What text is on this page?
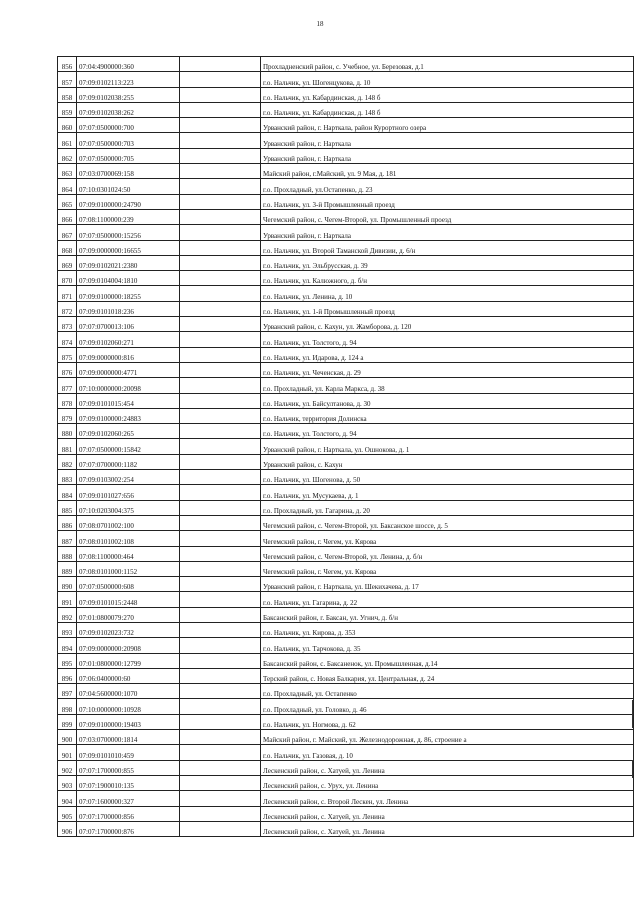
18
856	07:04:4900000:360		Прохладненский район, с. Учебное, ул. Березовая, д.1
857	07:09:0102113:223		г.о. Нальчик, ул. Шогенцукова, д. 10
858	07:09:0102038:255		г.о. Нальчик, ул. Кабардинская, д. 148 б
859	07:09:0102038:262		г.о. Нальчик, ул. Кабардинская, д. 148 б
860	07:07:0500000:700		Урванский район, г. Нарткала, район Курортного озера
861	07:07:0500000:703		Урванский район, г. Нарткала
862	07:07:0500000:705		Урванский район, г. Нарткала
863	07:03:0700069:158		Майский район, г.Майский, ул. 9 Мая, д. 181
864	07:10:0301024:50		г.о. Прохладный, ул.Остапенко, д. 23
865	07:09:0100000:24790		г.о. Нальчик, ул. 3-й Промышленный проезд
866	07:08:1100000:239		Чегемский район, с. Чегем-Второй, ул. Промышленный проезд
867	07:07:0500000:15256		Урванский район, г. Нарткала
868	07:09:0000000:16655		г.о. Нальчик, ул. Второй Таманской Дивизии, д. 6/н
869	07:09:0102021:2380		г.о. Нальчик, ул. Эльбрусская, д. 39
870	07:09:0104004:1810		г.о. Нальчик, ул. Калюжного, д. б/н
871	07:09:0100000:18255		г.о. Нальчик, ул. Ленина, д. 10
872	07:09:0101018:236		г.о. Нальчик, ул. 1-й Промышленный проезд
873	07:07:0700013:106		Урванский район, с. Кахун, ул. Жамборова, д. 120
874	07:09:0102060:271		г.о. Нальчик, ул. Толстого, д. 94
875	07:09:0000000:816		г.о. Нальчик, ул. Идарова, д. 124 а
876	07:09:0000000:4771		г.о. Нальчик, ул. Чеченская, д. 29
877	07:10:0000000:20098		г.о. Прохладный, ул. Карла Маркса, д. 38
878	07:09:0101015:454		г.о. Нальчик, ул. Байсултанова, д. 30
879	07:09:0100000:24883		г.о. Нальчик, территория Долинска
880	07:09:0102060:265		г.о. Нальчик, ул. Толстого, д. 94
881	07:07:0500000:15842		Урванский район, г. Нарткала, ул. Ошнокова, д. 1
882	07:07:0700000:1182		Урванский район, с. Кахун
883	07:09:0103002:254		г.о. Нальчик, ул. Шогенова, д. 50
884	07:09:0101027:656		г.о. Нальчик, ул. Мусукаева, д. 1
885	07:10:0203004:375		г.о. Прохладный, ул. Гагарина, д. 20
886	07:08:0701002:100		Чегемский район, с. Чегем-Второй, ул. Баксанское шоссе, д. 5
887	07:08:0101002:108		Чегемский район, г. Чегем, ул. Кярова
888	07:08:1100000:464		Чегемский район, с. Чегем-Второй, ул. Ленина, д. б/н
889	07:08:0101000:1152		Чегемский район, г. Чегем, ул. Кярова
890	07:07:0500000:608		Урванский район, г. Нарткала, ул. Шекихачева, д. 17
891	07:09:0101015:2448		г.о. Нальчик, ул. Гагарина, д. 22
892	07:01:0800079:270		Баксанский район, г. Баксан, ул. Угнич, д. б/н
893	07:09:0102023:732		г.о. Нальчик, ул. Кирова, д. 353
894	07:09:0000000:20908		г.о. Нальчик, ул. Тарчокова, д. 35
895	07:01:0800000:12799		Баксанский район, с. Баксаненок, ул. Промышленная, д.14
896	07:06:0400000:60		Терский район, с. Новая Балкария, ул. Центральная, д. 24
897	07:04:5600000:1070		г.о. Прохладный, ул. Остапенко
898	07:10:0000000:10928		г.о. Прохладный, ул. Головко, д. 46
899	07:09:0100000:19403		г.о. Нальчик, ул. Ногмова, д. 62
900	07:03:0700000:1814		Майский район, г. Майский, ул. Железнодорожная, д. 86, строение а
901	07:09:0101010:459		г.о. Нальчик, ул. Газовая, д. 10
902	07:07:1700000:855		Лескенский район, с. Хатуей, ул. Ленина
903	07:07:1900010:135		Лескенский район, с. Урух, ул. Ленина
904	07:07:1600000:327		Лескенский район, с. Второй Лескен, ул. Ленина
905	07:07:1700000:856		Лескенский район, с. Хатуей, ул. Ленина
906	07:07:1700000:876		Лескенский район, с. Хатуей, ул. Ленина
